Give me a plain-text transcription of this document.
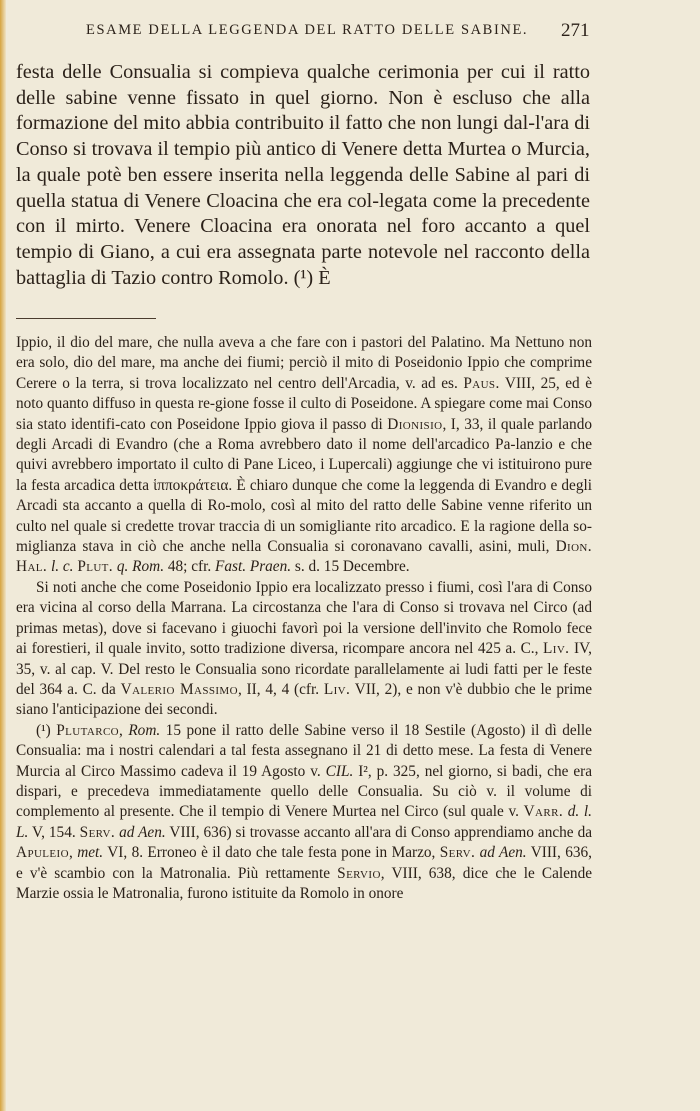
ESAME DELLA LEGGENDA DEL RATTO DELLE SABINE. 271

festa delle Consualia si compieva qualche cerimonia per cui il ratto delle sabine venne fissato in quel giorno. Non è escluso che alla formazione del mito abbia contribuito il fatto che non lungi dal-l'ara di Conso si trovava il tempio più antico di Venere detta Murtea o Murcia, la quale potè ben essere inserita nella leggenda delle Sabine al pari di quella statua di Venere Cloacina che era col-legata come la precedente con il mirto. Venere Cloacina era onorata nel foro accanto a quel tempio di Giano, a cui era assegnata parte notevole nel racconto della battaglia di Tazio contro Romolo. (¹) È

Ippio, il dio del mare, che nulla aveva a che fare con i pastori del Palatino. Ma Nettuno non era solo, dio del mare, ma anche dei fiumi; perciò il mito di Poseidonio Ippio che comprime Cerere o la terra, si trova localizzato nel centro dell'Arcadia, v. ad es. Paus. VIII, 25, ed è noto quanto diffuso in questa re-gione fosse il culto di Poseidone. A spiegare come mai Conso sia stato identifi-cato con Poseidone Ippio giova il passo di Dionisio, I, 33, il quale parlando degli Arcadi di Evandro (che a Roma avrebbero dato il nome dell'arcadico Pa-lanzio e che quivi avrebbero importato il culto di Pane Liceo, i Lupercali) aggiunge che vi istituirono pure la festa arcadica detta ἱπποκράτεια. È chiaro dunque che come la leggenda di Evandro e degli Arcadi sta accanto a quella di Ro-molo, così al mito del ratto delle Sabine venne riferito un culto nel quale si credette trovar traccia di un somigliante rito arcadico. E la ragione della so-miglianza stava in ciò che anche nella Consualia si coronavano cavalli, asini, muli, Dion. Hal. l. c. Plut. q. Rom. 48; cfr. Fast. Praen. s. d. 15 Decembre.

Si noti anche che come Poseidonio Ippio era localizzato presso i fiumi, così l'ara di Conso era vicina al corso della Marrana. La circostanza che l'ara di Conso si trovava nel Circo (ad primas metas), dove si facevano i giuochi favorì poi la versione dell'invito che Romolo fece ai forestieri, il quale invito, sotto tradizione diversa, ricompare ancora nel 425 a. C., Liv. IV, 35, v. al cap. V. Del resto le Consualia sono ricordate parallelamente ai ludi fatti per le feste del 364 a. C. da Valerio Massimo, II, 4, 4 (cfr. Liv. VII, 2), e non v'è dubbio che le prime siano l'anticipazione dei secondi.

(¹) Plutarco, Rom. 15 pone il ratto delle Sabine verso il 18 Sestile (Agosto) il dì delle Consualia: ma i nostri calendari a tal festa assegnano il 21 di detto mese. La festa di Venere Murcia al Circo Massimo cadeva il 19 Agosto v. CIL. I², p. 325, nel giorno, si badi, che era dispari, e precedeva immediatamente quello delle Consualia. Su ciò v. il volume di complemento al presente. Che il tempio di Venere Murtea nel Circo (sul quale v. Varr. d. l. L. V, 154. Serv. ad Aen. VIII, 636) si trovasse accanto all'ara di Conso apprendiamo anche da Apuleio, met. VI, 8. Erroneo è il dato che tale festa pone in Marzo, Serv. ad Aen. VIII, 636, e v'è scambio con la Matronalia. Più rettamente Servio, VIII, 638, dice che le Calende Marzie ossia le Matronalia, furono istituite da Romolo in onore
